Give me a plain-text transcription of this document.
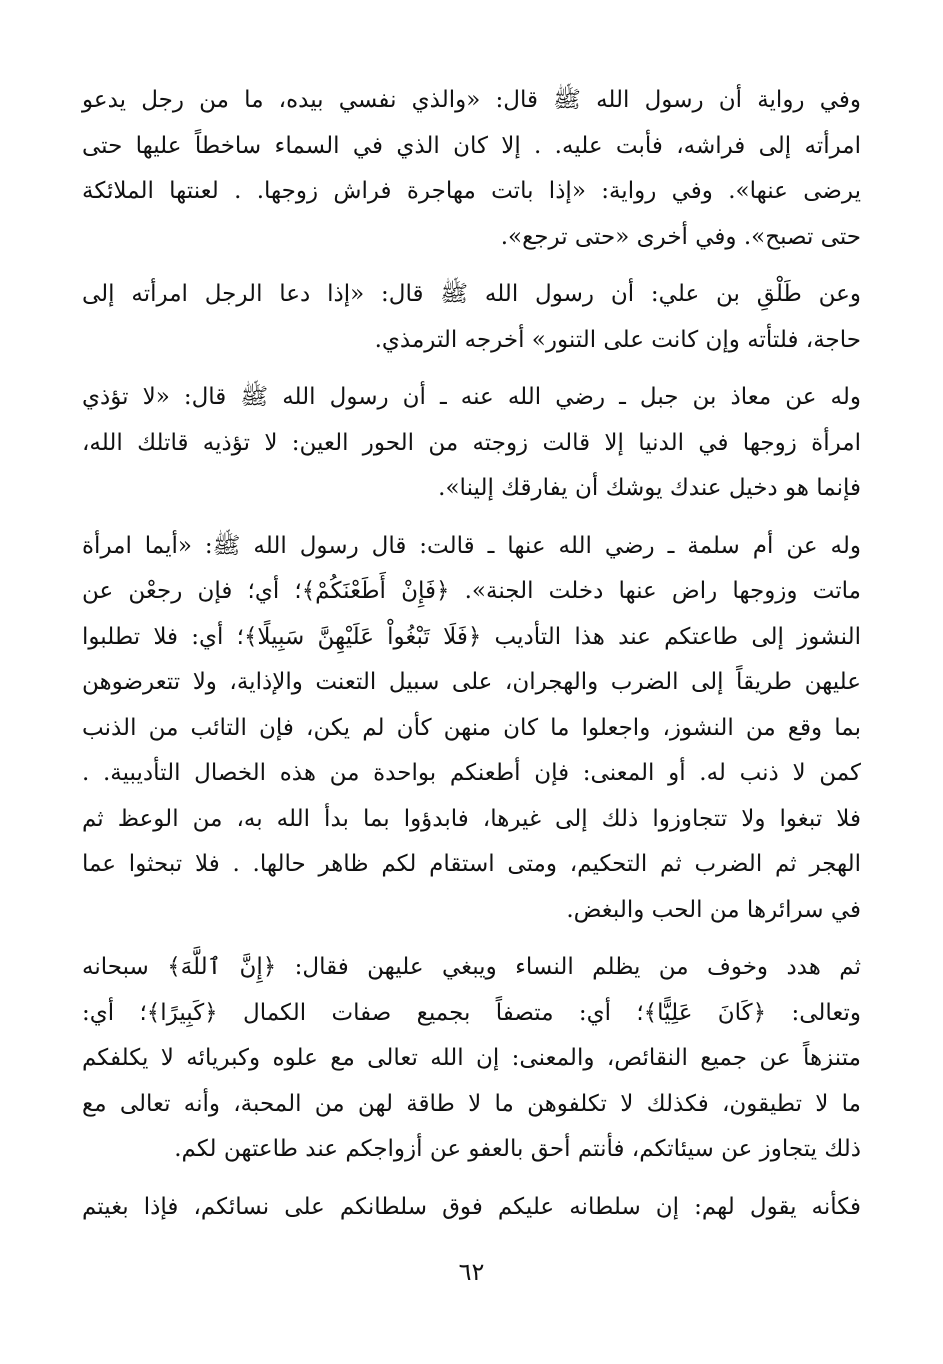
وفي رواية أن رسول الله ﷺ قال: «والذي نفسي بيده، ما من رجل يدعو
امرأته إلى فراشه، فأبت عليه. . إلا كان الذي في السماء ساخطاً عليها حتى
يرضى عنها». وفي رواية: «إذا باتت مهاجرة فراش زوجها. . لعنتها الملائكة
حتى تصبح». وفي أخرى «حتى ترجع».

وعن طَلْقِ بن علي: أن رسول الله ﷺ قال: «إذا دعا الرجل امرأته إلى
حاجة، فلتأته وإن كانت على التنور» أخرجه الترمذي.

وله عن معاذ بن جبل ـ رضي الله عنه ـ أن رسول الله ﷺ قال: «لا تؤذي
امرأة زوجها في الدنيا إلا قالت زوجته من الحور العين: لا تؤذيه قاتلك الله،
فإنما هو دخيل عندك يوشك أن يفارقك إلينا».

وله عن أم سلمة ـ رضي الله عنها ـ قالت: قال رسول الله ﷺ: «أيما امرأة
ماتت وزوجها راض عنها دخلت الجنة». ﴿فَإِنْ أَطَعْنَكُمْ﴾؛ أي؛ فإن رجعْن عن
النشوز إلى طاعتكم عند هذا التأديب ﴿فَلَا تَبْغُواْ عَلَيْهِنَّ سَبِيلًا﴾؛ أي: فلا تطلبوا
عليهن طريقاً إلى الضرب والهجران، على سبيل التعنت والإذاية، ولا تتعرضوهن
بما وقع من النشوز، واجعلوا ما كان منهن كأن لم يكن، فإن التائب من الذنب
كمن لا ذنب له. أو المعنى: فإن أطعنكم بواحدة من هذه الخصال التأديبية. .
فلا تبغوا ولا تتجاوزوا ذلك إلى غيرها، فابدؤوا بما بدأ الله به، من الوعظ ثم
الهجر ثم الضرب ثم التحكيم، ومتى استقام لكم ظاهر حالها. . فلا تبحثوا عما
في سرائرها من الحب والبغض.

ثم هدد وخوف من يظلم النساء ويبغي عليهن فقال: ﴿إِنَّ ٱللَّهَ﴾ سبحانه
وتعالى: ﴿كَانَ عَلِيًّا﴾؛ أي: متصفاً بجميع صفات الكمال ﴿كَبِيرًا﴾؛ أي:
متنزهاً عن جميع النقائص، والمعنى: إن الله تعالى مع علوه وكبريائه لا يكلفكم
ما لا تطيقون، فكذلك لا تكلفوهن ما لا طاقة لهن من المحبة، وأنه تعالى مع
ذلك يتجاوز عن سيئاتكم، فأنتم أحق بالعفو عن أزواجكم عند طاعتهن لكم.

فكأنه يقول لهم: إن سلطانه عليكم فوق سلطانكم على نسائكم، فإذا بغيتم

٦٢
